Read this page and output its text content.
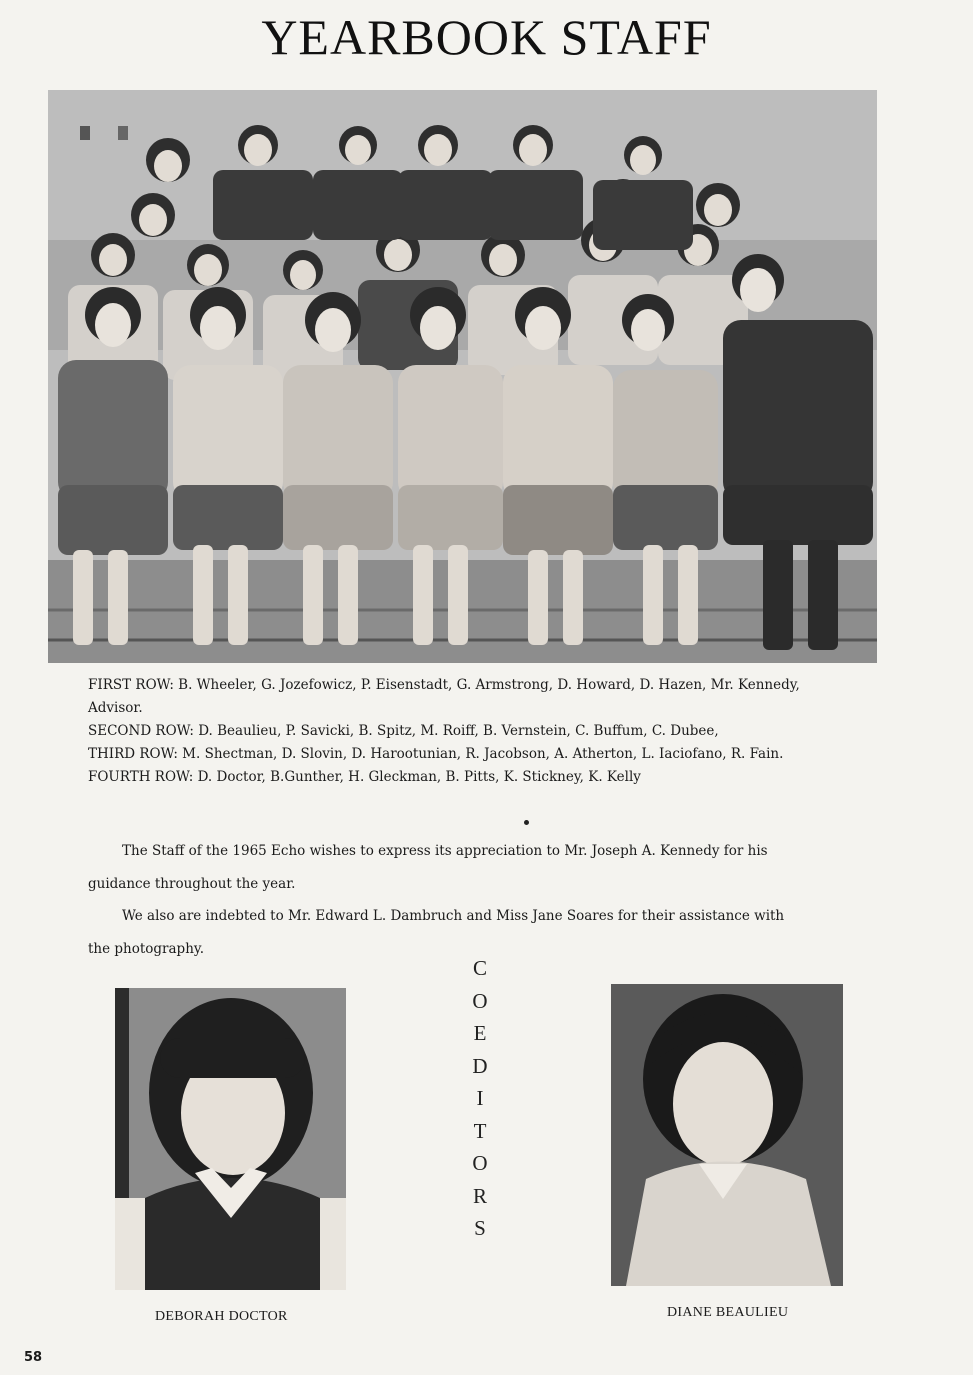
YEARBOOK STAFF

FIRST ROW: B. Wheeler, G. Jozefowicz, P. Eisenstadt, G. Armstrong, D. Howard, D. Hazen, Mr. Kennedy, Advisor.

SECOND ROW: D. Beaulieu, P. Savicki, B. Spitz, M. Roiff, B. Vernstein, C. Buffum, C. Dubee,

THIRD ROW: M. Shectman, D. Slovin, D. Harootunian, R. Jacobson, A. Atherton, L. Iaciofano, R. Fain.

FOURTH ROW: D. Doctor, B.Gunther, H. Gleckman, B. Pitts, K. Stickney, K. Kelly

The Staff of the 1965 Echo wishes to express its appreciation to Mr. Joseph A. Kennedy for his
guidance throughout the year.
We also are indebted to Mr. Edward L. Dambruch and Miss Jane Soares for their assistance with
the photography.
C
O
E
D
I
T
O
R
S
DEBORAH DOCTOR	DIANE BEAULIEU
58
